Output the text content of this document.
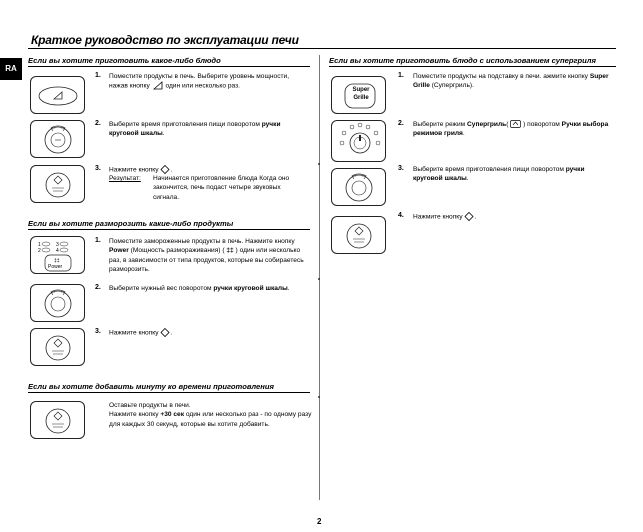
Краткое руководство по эксплуатации печи
RA
Если вы хотите приготовить какое-либо блюдо
1. Поместите продукты в печь. Выберите уровень мощности, нажав кнопку один или несколько раз.
2. Выберите время приготовления пищи поворотом ручки круговой шкалы.
3. Нажмите кнопку .
Результат:	Начинается приготовление блюда Когда оно закончится, печь подаст четыре звуковых сигнала.
Если вы хотите разморозить какие-либо продукты
1	3
2	4
‡‡
Power
1. Поместите замороженные продукты в печь. Нажмите кнопку Power (Мощность размораживания) ( ‡‡ ) один или несколько раз, в зависимости от типа продуктов, которые вы собираетесь разморозить.
2. Выберите нужный вес поворотом ручки круговой шкалы.
3. Нажмите кнопку .
Если вы хотите добавить минуту ко времени приготовления
Оставьте продукты в печи.
Нажмите кнопку +30 сек один или несколько раз - по одному разу для каждых 30 секунд, которые вы хотите добавить.
Если вы хотите приготовить блюдо с использованием супергриля
Super
Grille
1. Поместите продукты на подставку в печи. ажмите кнопку Super Grille (Супергриль).
2. Выберите режим Супергриль( ) поворотом Ручки выбора режимов гриля.
3. Выберите время приготовления пищи поворотом ручки круговой шкалы.
4. Нажмите кнопку .
2
